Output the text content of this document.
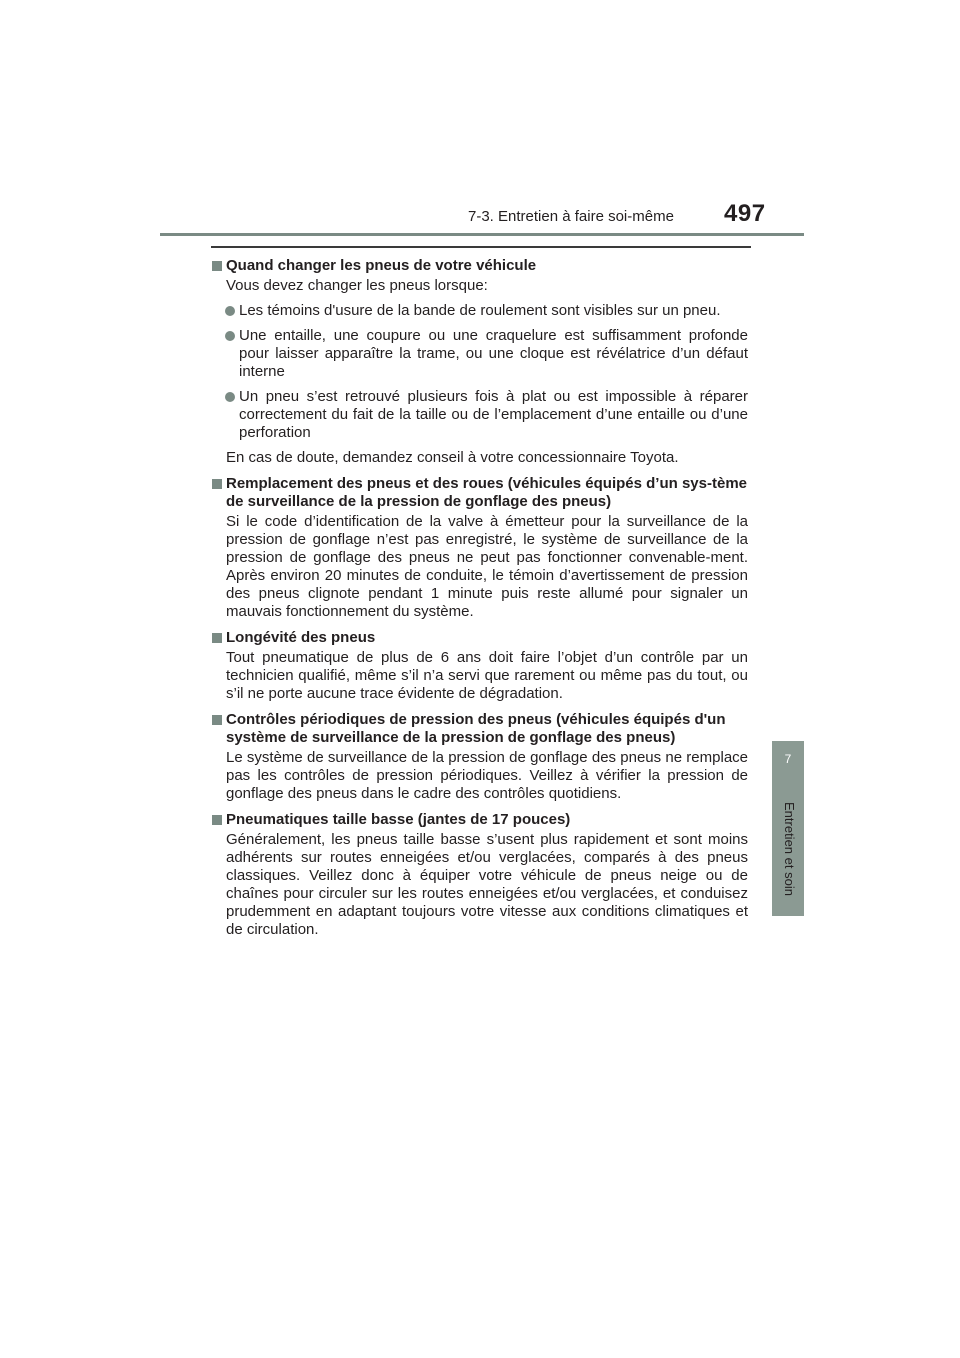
7-3. Entretien à faire soi-même 497
7
Entretien et soin
Quand changer les pneus de votre véhicule
Vous devez changer les pneus lorsque:
Les témoins d'usure de la bande de roulement sont visibles sur un pneu.
Une entaille, une coupure ou une craquelure est suffisamment profonde pour laisser apparaître la trame, ou une cloque est révélatrice d’un défaut interne
Un pneu s’est retrouvé plusieurs fois à plat ou est impossible à réparer correctement du fait de la taille ou de l’emplacement d’une entaille ou d’une perforation
En cas de doute, demandez conseil à votre concessionnaire Toyota.
Remplacement des pneus et des roues (véhicules équipés d’un sys-tème de surveillance de la pression de gonflage des pneus)
Si le code d’identification de la valve à émetteur pour la surveillance de la pression de gonflage n’est pas enregistré, le système de surveillance de la pression de gonflage des pneus ne peut pas fonctionner convenable-ment. Après environ 20 minutes de conduite, le témoin d’avertissement de pression des pneus clignote pendant 1 minute puis reste allumé pour signaler un mauvais fonctionnement du système.
Longévité des pneus
Tout pneumatique de plus de 6 ans doit faire l’objet d’un contrôle par un technicien qualifié, même s’il n’a servi que rarement ou même pas du tout, ou s’il ne porte aucune trace évidente de dégradation.
Contrôles périodiques de pression des pneus (véhicules équipés d'un système de surveillance de la pression de gonflage des pneus)
Le système de surveillance de la pression de gonflage des pneus ne remplace pas les contrôles de pression périodiques. Veillez à vérifier la pression de gonflage des pneus dans le cadre des contrôles quotidiens.
Pneumatiques taille basse (jantes de 17 pouces)
Généralement, les pneus taille basse s’usent plus rapidement et sont moins adhérents sur routes enneigées et/ou verglacées, comparés à des pneus classiques. Veillez donc à équiper votre véhicule de pneus neige ou de chaînes pour circuler sur les routes enneigées et/ou verglacées, et conduisez prudemment en adaptant toujours votre vitesse aux conditions climatiques et de circulation.
